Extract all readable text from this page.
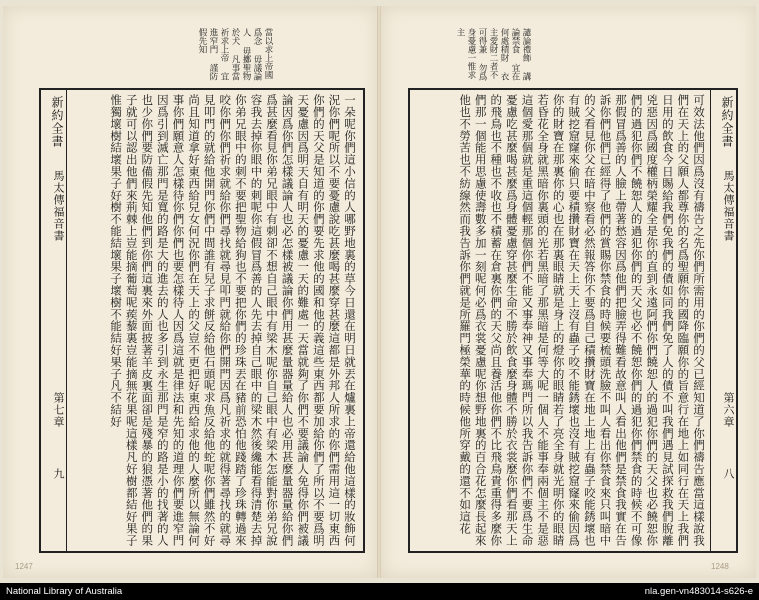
當以求上帝國爲念 毋議論人 毋擲聖物於犬 凡事當祈求上帝 宜進窄門 謹防假先知

一朵呢你們這小信的人哪野地裏的草今日還在明日就丟在爐裏上帝還給他這樣的妝飾何況你們呢所以不要憂慮說吃甚麼喝甚麼穿甚麼這都是外邦人所求的你們需用這一切東西你們的天父是知道的你們要先求他的國和他的義這些東西都要加給你們了所以不要爲明天憂慮因爲明天自有明天的憂慮一天的難處一天當就夠了你們不要議論人免得你們被議論因爲你們怎樣議論人也必怎樣被議論你們用甚麼量器量給人也必用甚麼量器量給你們爲甚麼看見你弟兄眼中有刺卻不想自己眼中有梁木呢你自己眼中有梁木怎能對你弟兄說容我去掉你眼中的刺呢你這假冒爲善的人先去掉自己眼中的梁木然後纔能看得清楚去掉你弟兄眼中的刺不要把聖物給狗也不要把你們的珍珠丟在豬前恐怕他踐踏了珍珠轉過來咬你們你們祈求就給你們尋找就尋見叩門就給你們開門因爲凡祈求的就得著尋找的就尋見叩門的就給他開門你們中間誰有兒子求餅反給他石頭呢求魚反給他蛇呢你們雖然不好尚且知道拿好東西給兒女何況你們在天上的父豈不更把好東西給求他的人麼所以無論何事你們願意人怎樣待你們你們也要怎樣待人因爲這就是律法和先知的道理你們要進窄門因爲引到滅亡那門是寬的路是大的進去的人也多引到永生那門是窄的路是小的找著的人也少你們要防備假先知他們到你們這裏來外面披著羊皮裏面卻是殘暴的狼憑著他們的果子就可以認出他們來荊棘上豈能摘葡萄呢蒺藜裏豈能摘無花果呢這樣凡好樹都結好果子惟獨壞樹結壞果子好樹不能結壞果子壞樹不能結好果子凡不結好

新約全書
馬太傳福音書
第七章
九
1247
譴論禮飾 講論禁食 宜在何處積財 衣主愛財二者不可得兼 勿爲身憂慮一惟求主

可效法他們因爲沒有禱告之先你們所需用的你們的父已經知道了你們禱告應當這樣說我們在天上的父願人都尊你的名爲聖願你的國降臨願你的旨意行在地上如同行在天上我們日用的飲食今日賜給我們免我們的債如同我們免了人的債不叫我們遇見試探救我們脫離兇惡因爲國度權柄榮耀全是你的直到永遠阿們你們饒恕人的過犯你們的天父也必饒恕你們的過犯你們不饒恕人的過犯你們的天父也必不饒恕你們的過犯你們禁食的時候不可像那假冒爲善的人臉上帶著愁容因爲他們把臉弄得難看故意叫人看出他們是禁食我實在告訴你們他們已經得了他們的賞賜你禁食的時候要梳頭洗臉不叫人看出你禁食來只叫暗中的父看見你父在暗中察看必然報答你不要爲自己積攢財寶在地上地上有蟲子咬能銹壞也有賊挖窟窿來偷只要積攢財寶在天上天上沒有蟲子咬不能銹壞也沒有賊挖窟窿來偷因爲你的財寶在那裏你的心也在那裏眼睛就是身上的燈你的眼睛若了亮全身就光明你的眼睛若昏花全身就黑暗你裏頭的光若黑暗了那黑暗是何等大呢一個人不能事奉兩個主不是惡這個愛那個就是重這個輕那個你們不能又事奉神又事奉瑪門所以我告訴你們不要爲生命憂慮吃甚麼喝甚麼爲身體憂慮穿甚麼生命不勝於飲食麼身體不勝於衣裳麼你們看那天上的飛鳥也不種也不收也不積蓄在倉裏你們的天父尚且養活他你們不比飛鳥貴重得多麼你們那一個能用思慮使壽數多加一刻呢何必爲衣裳憂慮呢你想野地裏的百合花怎麼長起來他也不勞苦也不紡線然而我告訴你們就是所羅門極榮華的時候他所穿戴的還不如這花	新約全書
馬太傳福音書
第六章
八
1248
National Library of Australia	nla.gen-vn483014-s626-e
